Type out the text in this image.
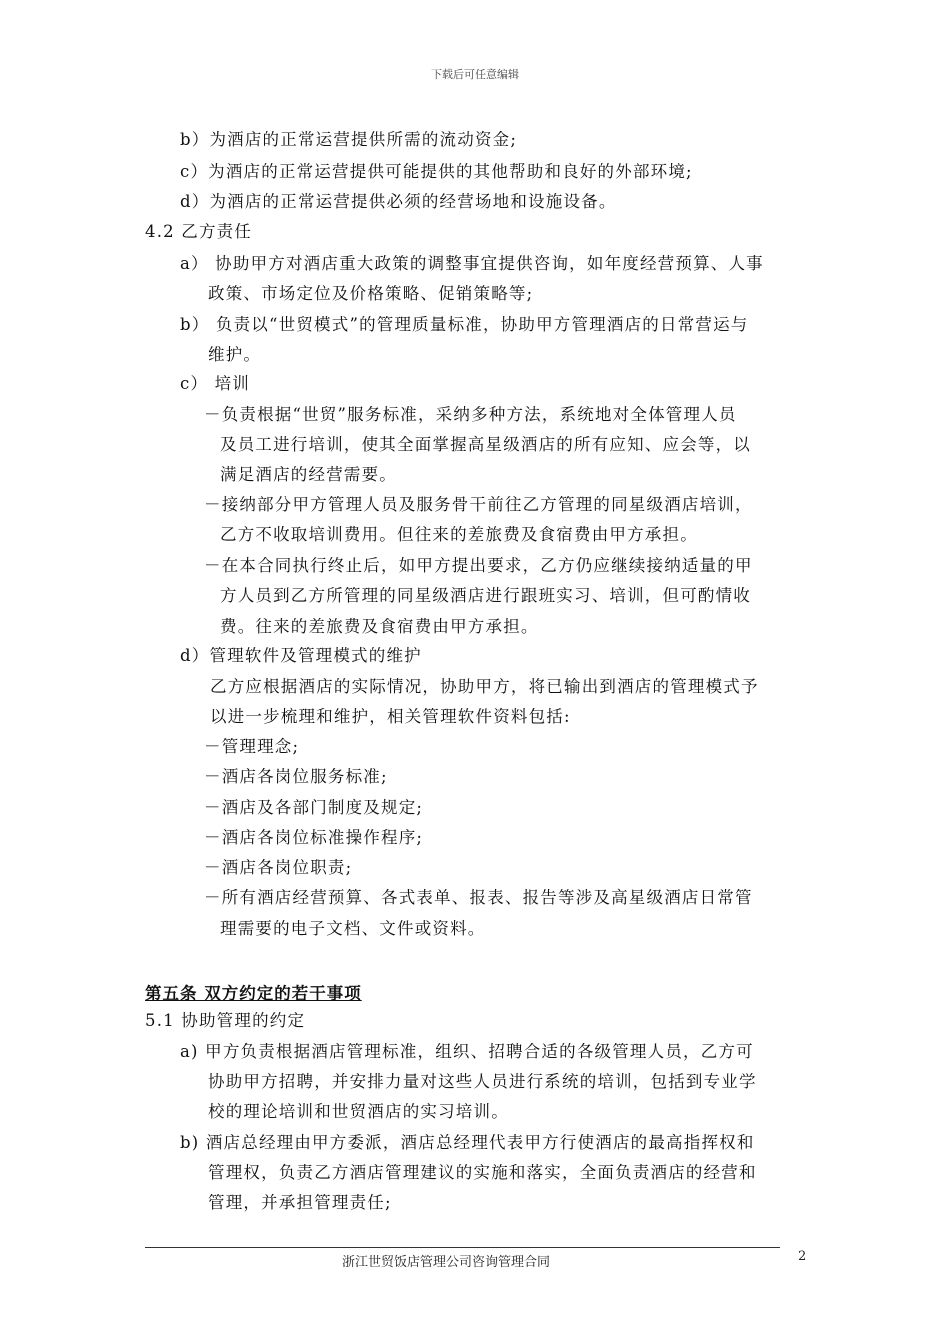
下载后可任意编辑
b）为酒店的正常运营提供所需的流动资金;
c）为酒店的正常运营提供可能提供的其他帮助和良好的外部环境;
d）为酒店的正常运营提供必须的经营场地和设施设备。
4.2 乙方责任
a） 协助甲方对酒店重大政策的调整事宜提供咨询，如年度经营预算、人事
政策、市场定位及价格策略、促销策略等;
b） 负责以“世贸模式”的管理质量标准，协助甲方管理酒店的日常营运与
维护。
c） 培训
－负责根据“世贸”服务标准，采纳多种方法，系统地对全体管理人员
及员工进行培训，使其全面掌握高星级酒店的所有应知、应会等，以
满足酒店的经营需要。
－接纳部分甲方管理人员及服务骨干前往乙方管理的同星级酒店培训，
乙方不收取培训费用。但往来的差旅费及食宿费由甲方承担。
－在本合同执行终止后，如甲方提出要求，乙方仍应继续接纳适量的甲
方人员到乙方所管理的同星级酒店进行跟班实习、培训，但可酌情收
费。往来的差旅费及食宿费由甲方承担。
d）管理软件及管理模式的维护
乙方应根据酒店的实际情况，协助甲方，将已输出到酒店的管理模式予
以进一步梳理和维护，相关管理软件资料包括:
－管理理念;
－酒店各岗位服务标准;
－酒店及各部门制度及规定;
－酒店各岗位标准操作程序;
－酒店各岗位职责;
－所有酒店经营预算、各式表单、报表、报告等涉及高星级酒店日常管
理需要的电子文档、文件或资料。
第五条 双方约定的若干事项
5.1 协助管理的约定
a) 甲方负责根据酒店管理标准，组织、招聘合适的各级管理人员，乙方可
协助甲方招聘，并安排力量对这些人员进行系统的培训，包括到专业学
校的理论培训和世贸酒店的实习培训。
b) 酒店总经理由甲方委派，酒店总经理代表甲方行使酒店的最高指挥权和
管理权，负责乙方酒店管理建议的实施和落实，全面负责酒店的经营和
管理，并承担管理责任;
浙江世贸饭店管理公司咨询管理合同	2
